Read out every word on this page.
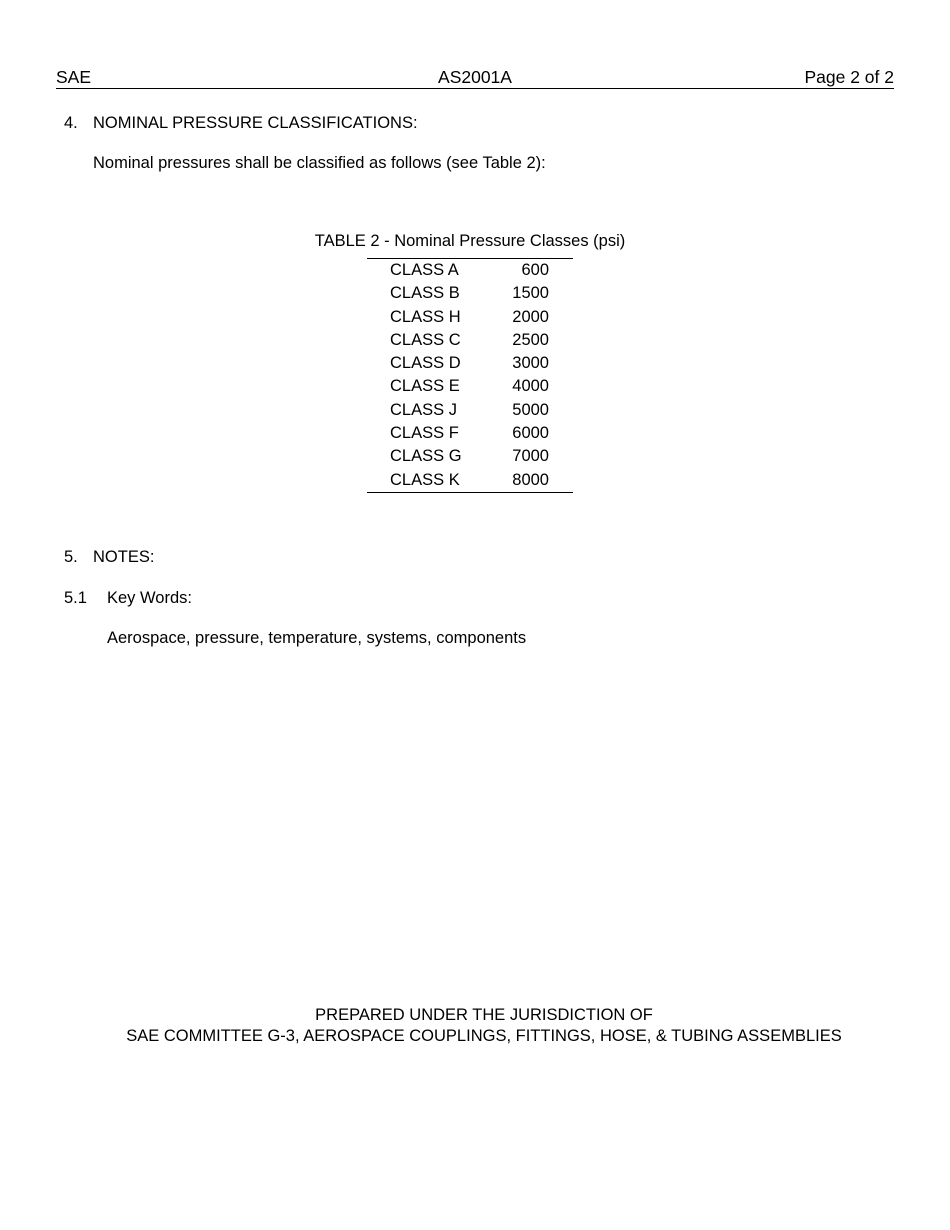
SAE	AS2001A	Page 2 of 2
4. NOMINAL PRESSURE CLASSIFICATIONS:
Nominal pressures shall be classified as follows (see Table 2):
TABLE 2 - Nominal Pressure Classes (psi)
CLASS A	600
CLASS B	1500
CLASS H	2000
CLASS C	2500
CLASS D	3000
CLASS E	4000
CLASS J	5000
CLASS F	6000
CLASS G	7000
CLASS K	8000
5. NOTES:
5.1 Key Words:
Aerospace, pressure, temperature, systems, components
PREPARED UNDER THE JURISDICTION OF
SAE COMMITTEE G-3, AEROSPACE COUPLINGS, FITTINGS, HOSE, & TUBING ASSEMBLIES
